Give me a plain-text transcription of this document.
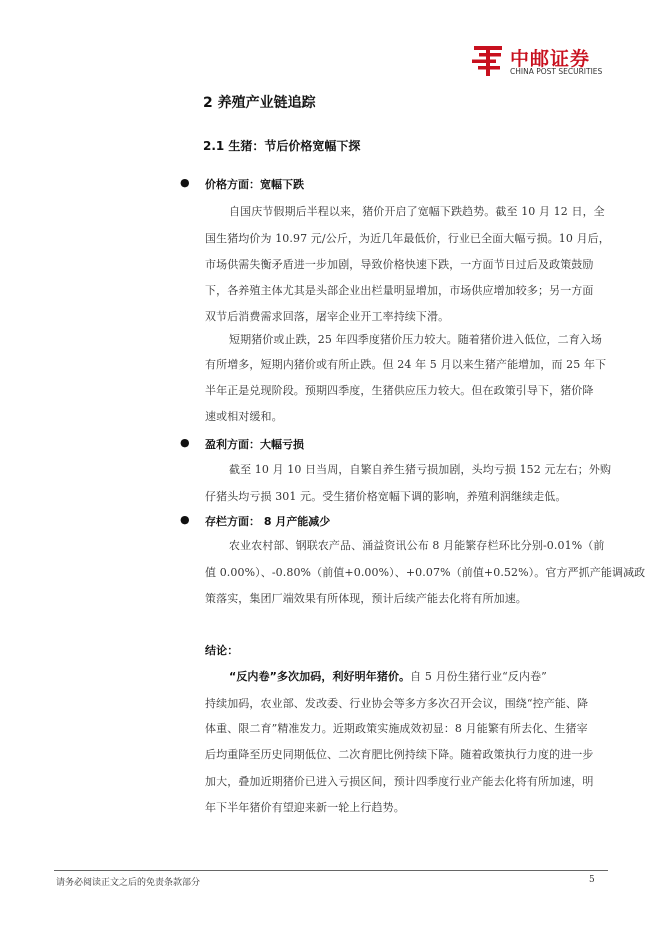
中邮证券
CHINA POST SECURITIES
2 养殖产业链追踪
2.1 生猪：节后价格宽幅下探
● 价格方面：宽幅下跌
自国庆节假期后半程以来，猪价开启了宽幅下跌趋势。截至 10 月 12 日，全
国生猪均价为 10.97 元/公斤，为近几年最低价，行业已全面大幅亏损。10 月后，
市场供需失衡矛盾进一步加剧，导致价格快速下跌，一方面节日过后及政策鼓励
下，各养殖主体尤其是头部企业出栏量明显增加，市场供应增加较多；另一方面
双节后消费需求回落，屠宰企业开工率持续下滑。
短期猪价或止跌，25 年四季度猪价压力较大。随着猪价进入低位，二育入场
有所增多，短期内猪价或有所止跌。但 24 年 5 月以来生猪产能增加，而 25 年下
半年正是兑现阶段。预期四季度，生猪供应压力较大。但在政策引导下，猪价降
速或相对缓和。
● 盈利方面：大幅亏损
截至 10 月 10 日当周，自繁自养生猪亏损加剧，头均亏损 152 元左右；外购
仔猪头均亏损 301 元。受生猪价格宽幅下调的影响，养殖利润继续走低。
● 存栏方面： 8 月产能减少
农业农村部、钢联农产品、涌益资讯公布 8 月能繁存栏环比分别-0.01%（前
值 0.00%）、-0.80%（前值+0.00%）、+0.07%（前值+0.52%）。官方严抓产能调减政
策落实，集团厂端效果有所体现，预计后续产能去化将有所加速。
结论：
“反内卷”多次加码，利好明年猪价。自 5 月份生猪行业“反内卷”
持续加码，农业部、发改委、行业协会等多方多次召开会议，围绕“控产能、降
体重、限二育”精准发力。近期政策实施成效初显：8 月能繁有所去化、生猪宰
后均重降至历史同期低位、二次育肥比例持续下降。随着政策执行力度的进一步
加大，叠加近期猪价已进入亏损区间，预计四季度行业产能去化将有所加速，明
年下半年猪价有望迎来新一轮上行趋势。
请务必阅读正文之后的免责条款部分	5
